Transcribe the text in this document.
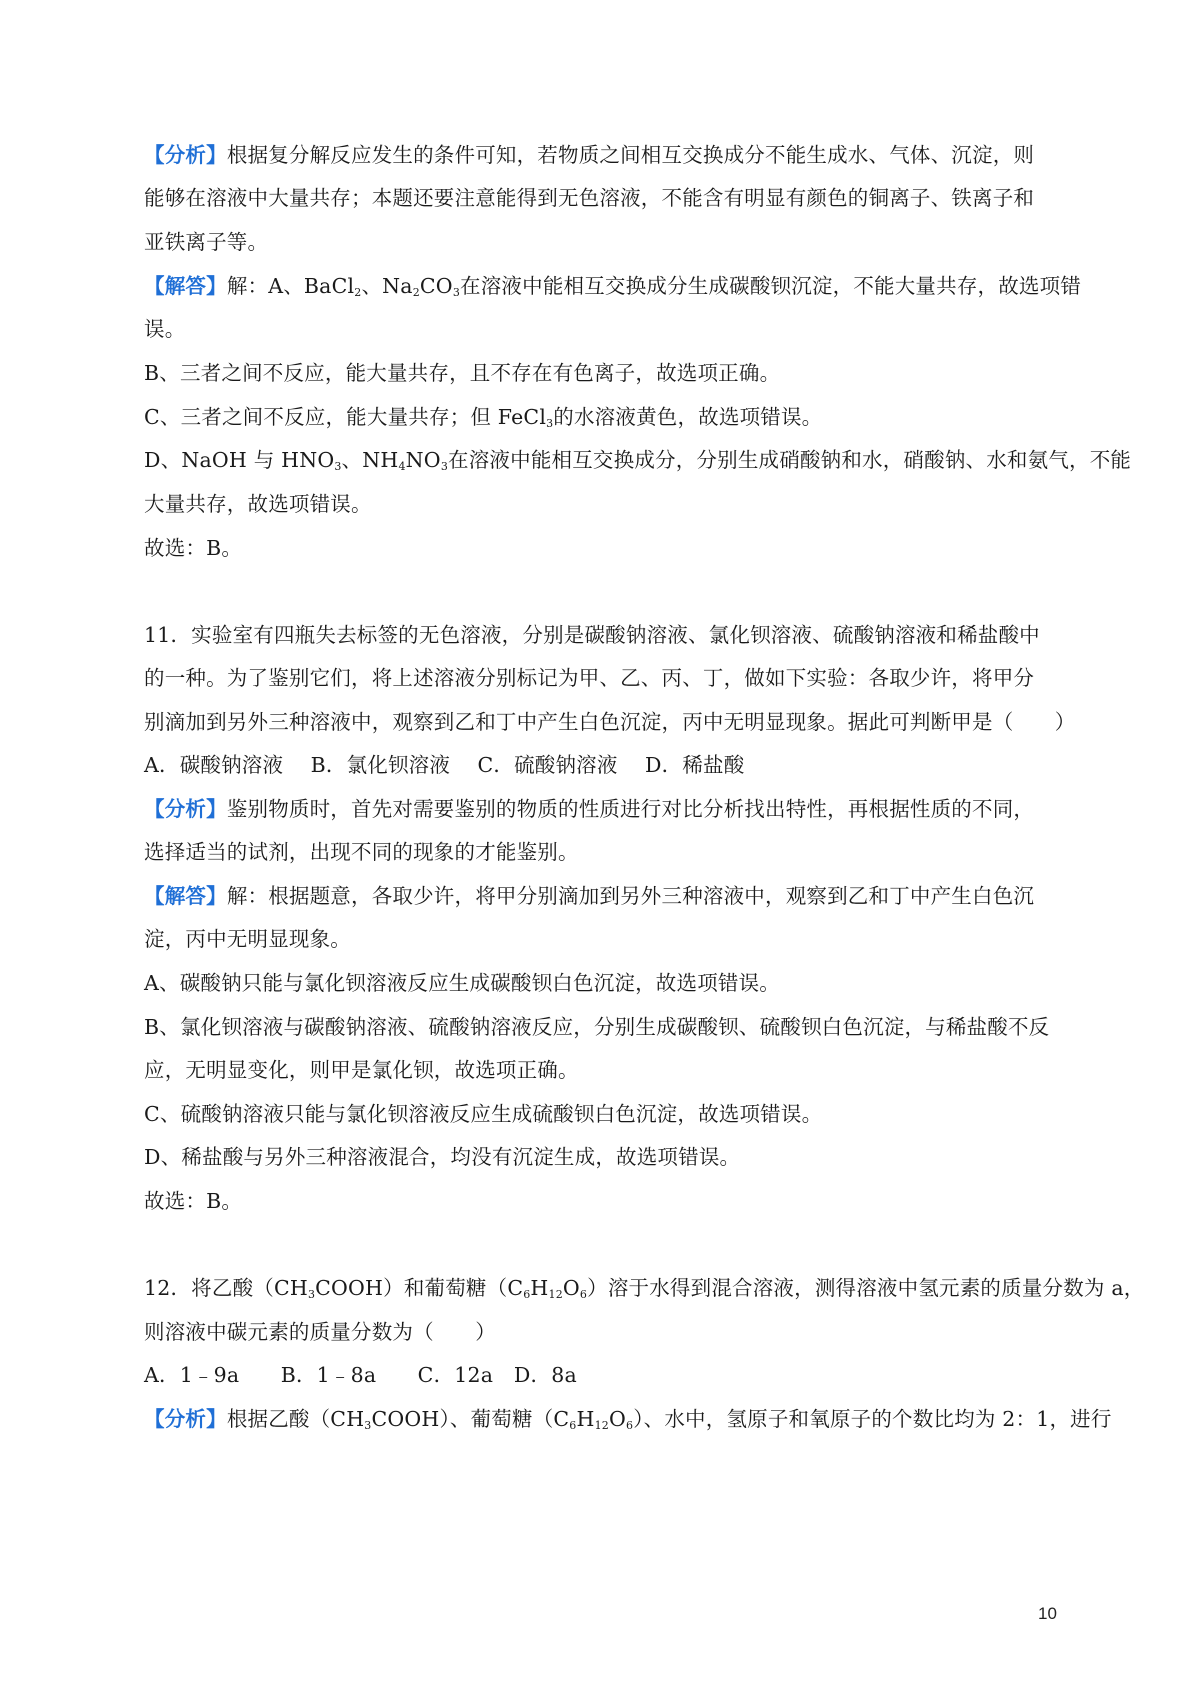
【分析】根据复分解反应发生的条件可知，若物质之间相互交换成分不能生成水、气体、沉淀，则
能够在溶液中大量共存；本题还要注意能得到无色溶液，不能含有明显有颜色的铜离子、铁离子和
亚铁离子等。
【解答】解：A、BaCl$_2$、$Na_2CO_3$在溶液中能相互交换成分生成碳酸钡沉淀，不能大量共存，故选项错
误。
B、三者之间不反应，能大量共存，且不存在有色离子，故选项正确。
C、三者之间不反应，能大量共存；但 FeCl$_3$的水溶液黄色，故选项错误。
D、NaOH 与 $HNO_3$、$NH_4NO_3$在溶液中能相互交换成分，分别生成硝酸钠和水，硝酸钠、水和氨气，不能
大量共存，故选项错误。
故选：B。
11．实验室有四瓶失去标签的无色溶液，分别是碳酸钠溶液、氯化钡溶液、硫酸钠溶液和稀盐酸中
的一种。为了鉴别它们，将上述溶液分别标记为甲、乙、丙、丁，做如下实验：各取少许，将甲分
别滴加到另外三种溶液中，观察到乙和丁中产生白色沉淀，丙中无明显现象。据此可判断甲是（　　）
A．碳酸钠溶液　 B．氯化钡溶液　 C．硫酸钠溶液　 D．稀盐酸
【分析】鉴别物质时，首先对需要鉴别的物质的性质进行对比分析找出特性，再根据性质的不同，
选择适当的试剂，出现不同的现象的才能鉴别。
【解答】解：根据题意，各取少许，将甲分别滴加到另外三种溶液中，观察到乙和丁中产生白色沉
淀，丙中无明显现象。
A、碳酸钠只能与氯化钡溶液反应生成碳酸钡白色沉淀，故选项错误。
B、氯化钡溶液与碳酸钠溶液、硫酸钠溶液反应，分别生成碳酸钡、硫酸钡白色沉淀，与稀盐酸不反
应，无明显变化，则甲是氯化钡，故选项正确。
C、硫酸钠溶液只能与氯化钡溶液反应生成硫酸钡白色沉淀，故选项错误。
D、稀盐酸与另外三种溶液混合，均没有沉淀生成，故选项错误。
故选：B。
12．将乙酸$(CH_3COOH)$和葡萄糖$(C_6H_{12}O_6)$溶于水得到混合溶液，测得溶液中氢元素的质量分数为 a，
则溶液中碳元素的质量分数为（　　）
A．1﹣9a　　B．1﹣8a　　C．12a　D．8a
【分析】根据乙酸$(CH_3COOH)$、葡萄糖$(C_6H_{12}O_6)$、水中，氢原子和氧原子的个数比均为 2：1，进行
10
